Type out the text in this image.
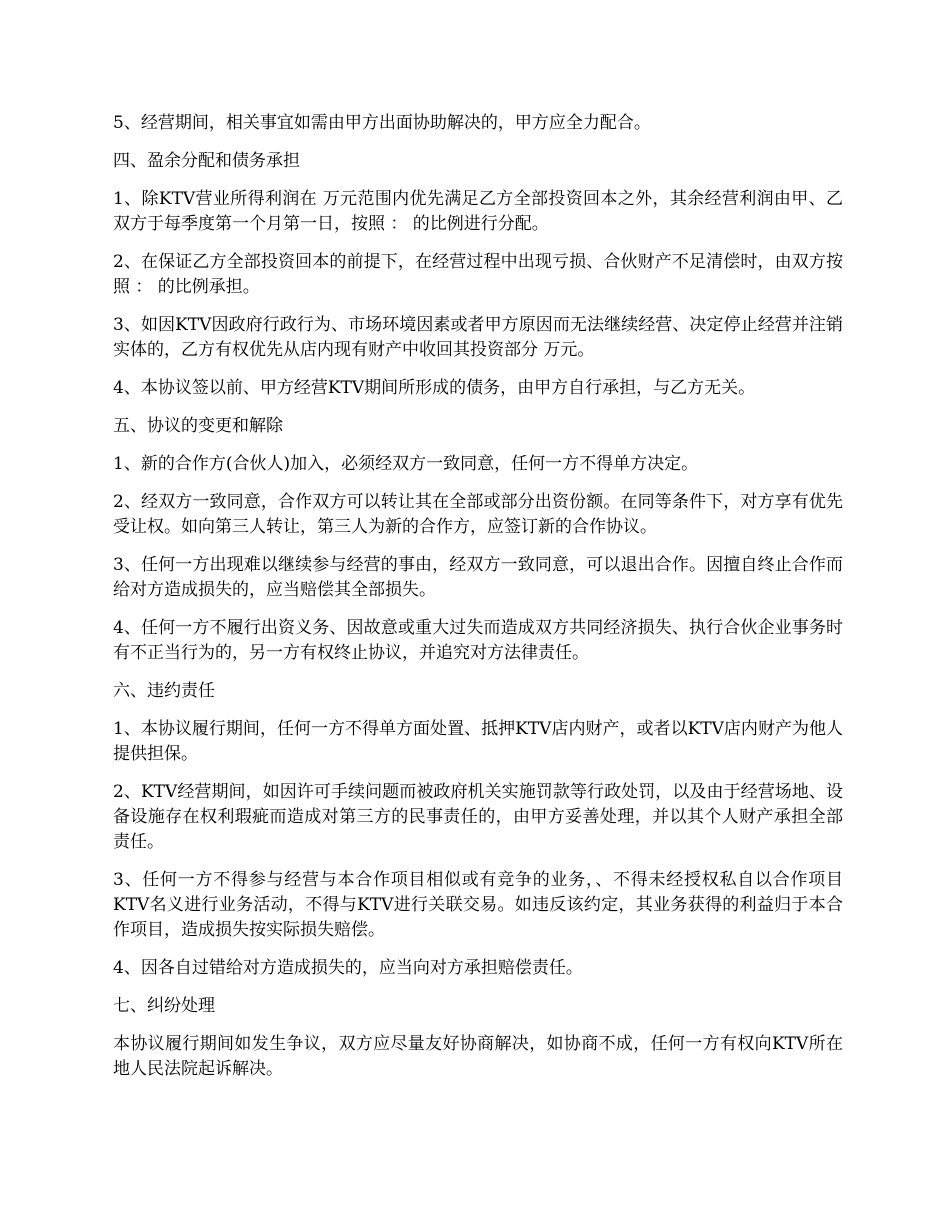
5、经营期间，相关事宜如需由甲方出面协助解决的，甲方应全力配合。

四、盈余分配和债务承担

1、除KTV营业所得利润在 万元范围内优先满足乙方全部投资回本之外，其余经营利润由甲、乙双方于每季度第一个月第一日，按照 ： 的比例进行分配。

2、在保证乙方全部投资回本的前提下，在经营过程中出现亏损、合伙财产不足清偿时，由双方按照 ： 的比例承担。

3、如因KTV因政府行政行为、市场环境因素或者甲方原因而无法继续经营、决定停止经营并注销实体的，乙方有权优先从店内现有财产中收回其投资部分 万元。

4、本协议签以前、甲方经营KTV期间所形成的债务，由甲方自行承担，与乙方无关。

五、协议的变更和解除

1、新的合作方(合伙人)加入，必须经双方一致同意，任何一方不得单方决定。

2、经双方一致同意，合作双方可以转让其在全部或部分出资份额。在同等条件下，对方享有优先受让权。如向第三人转让，第三人为新的合作方，应签订新的合作协议。

3、任何一方出现难以继续参与经营的事由，经双方一致同意，可以退出合作。因擅自终止合作而给对方造成损失的，应当赔偿其全部损失。

4、任何一方不履行出资义务、因故意或重大过失而造成双方共同经济损失、执行合伙企业事务时有不正当行为的，另一方有权终止协议，并追究对方法律责任。

六、违约责任

1、本协议履行期间，任何一方不得单方面处置、抵押KTV店内财产，或者以KTV店内财产为他人提供担保。

2、KTV经营期间，如因许可手续问题而被政府机关实施罚款等行政处罚，以及由于经营场地、设备设施存在权利瑕疵而造成对第三方的民事责任的，由甲方妥善处理，并以其个人财产承担全部责任。

3、任何一方不得参与经营与本合作项目相似或有竞争的业务，、不得未经授权私自以合作项目KTV名义进行业务活动，不得与KTV进行关联交易。如违反该约定，其业务获得的利益归于本合作项目，造成损失按实际损失赔偿。

4、因各自过错给对方造成损失的，应当向对方承担赔偿责任。

七、纠纷处理

本协议履行期间如发生争议，双方应尽量友好协商解决，如协商不成，任何一方有权向KTV所在地人民法院起诉解决。
